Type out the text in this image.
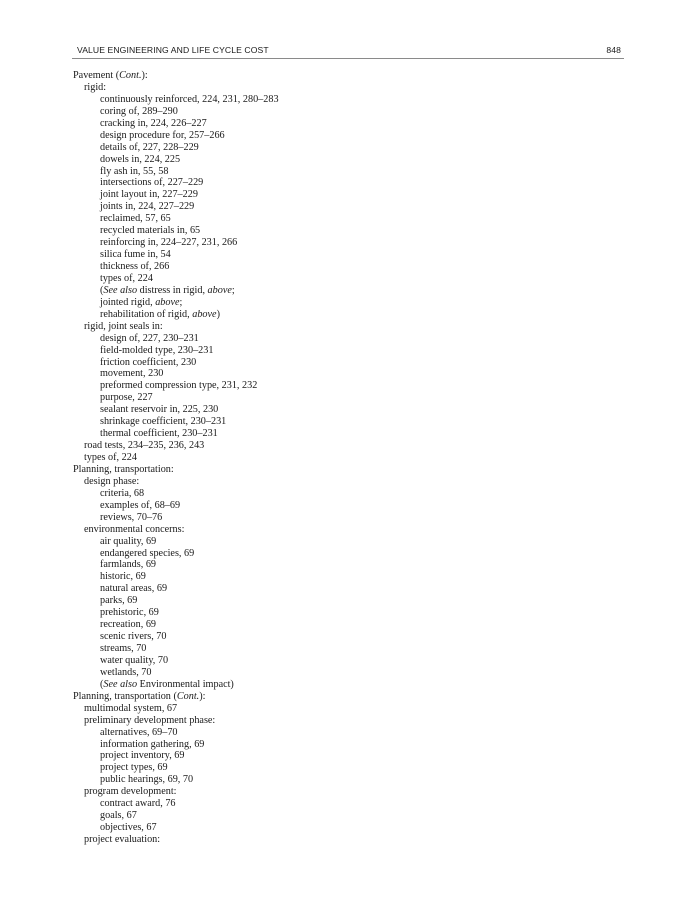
VALUE ENGINEERING AND LIFE CYCLE COST	848
Pavement (Cont.):
rigid:
continuously reinforced, 224, 231, 280–283
coring of, 289–290
cracking in, 224, 226–227
design procedure for, 257–266
details of, 227, 228–229
dowels in, 224, 225
fly ash in, 55, 58
intersections of, 227–229
joint layout in, 227–229
joints in, 224, 227–229
reclaimed, 57, 65
recycled materials in, 65
reinforcing in, 224–227, 231, 266
silica fume in, 54
thickness of, 266
types of, 224
(See also distress in rigid, above;
jointed rigid, above;
rehabilitation of rigid, above)
rigid, joint seals in:
design of, 227, 230–231
field-molded type, 230–231
friction coefficient, 230
movement, 230
preformed compression type, 231, 232
purpose, 227
sealant reservoir in, 225, 230
shrinkage coefficient, 230–231
thermal coefficient, 230–231
road tests, 234–235, 236, 243
types of, 224
Planning, transportation:
design phase:
criteria, 68
examples of, 68–69
reviews, 70–76
environmental concerns:
air quality, 69
endangered species, 69
farmlands, 69
historic, 69
natural areas, 69
parks, 69
prehistoric, 69
recreation, 69
scenic rivers, 70
streams, 70
water quality, 70
wetlands, 70
(See also Environmental impact)
Planning, transportation (Cont.):
multimodal system, 67
preliminary development phase:
alternatives, 69–70
information gathering, 69
project inventory, 69
project types, 69
public hearings, 69, 70
program development:
contract award, 76
goals, 67
objectives, 67
project evaluation:
